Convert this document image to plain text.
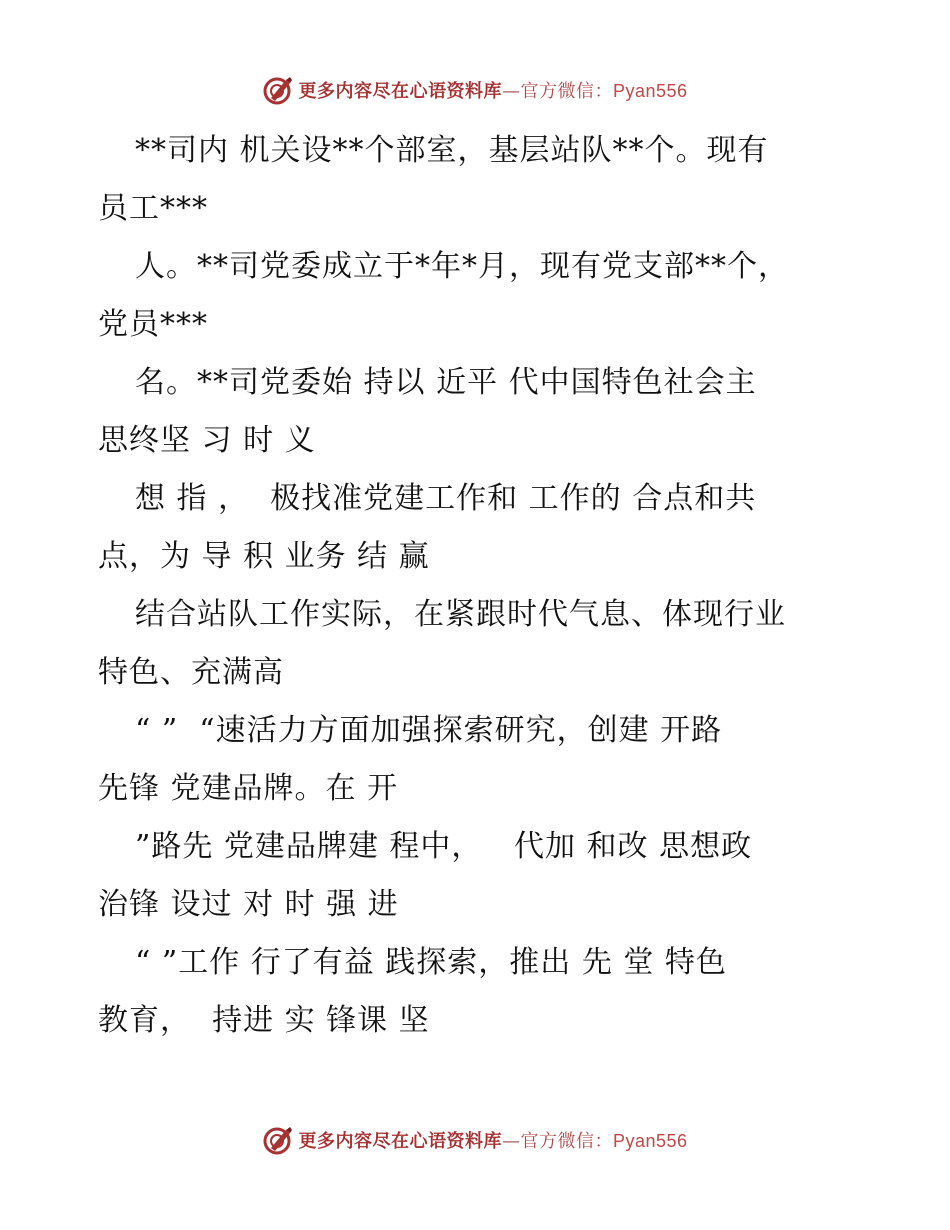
更多内容尽在心语资料库—官方微信：Pyan556

**司内 机关设**个部室，基层站队**个。现有
员工***

人。**司党委成立于*年*月，现有党支部**个，
党员***

名。**司党委始 持以 近平 代中国特色社会主
思终坚 习 时 义

想 指 ，  极找准党建工作和 工作的 合点和共
点，为 导 积 业务 结 赢

结合站队工作实际，在紧跟时代气息、体现行业
特色、充满高

“ ”  “速活力方面加强探索研究，创建 开路
先锋 党建品牌。在 开

”路先 党建品牌建 程中，   代加 和改 思想政
治锋 设过 对 时 强 进

“ ”工作 行了有益 践探索，推出 先 堂 特色
教育，  持进 实 锋课 坚

更多内容尽在心语资料库—官方微信：Pyan556
